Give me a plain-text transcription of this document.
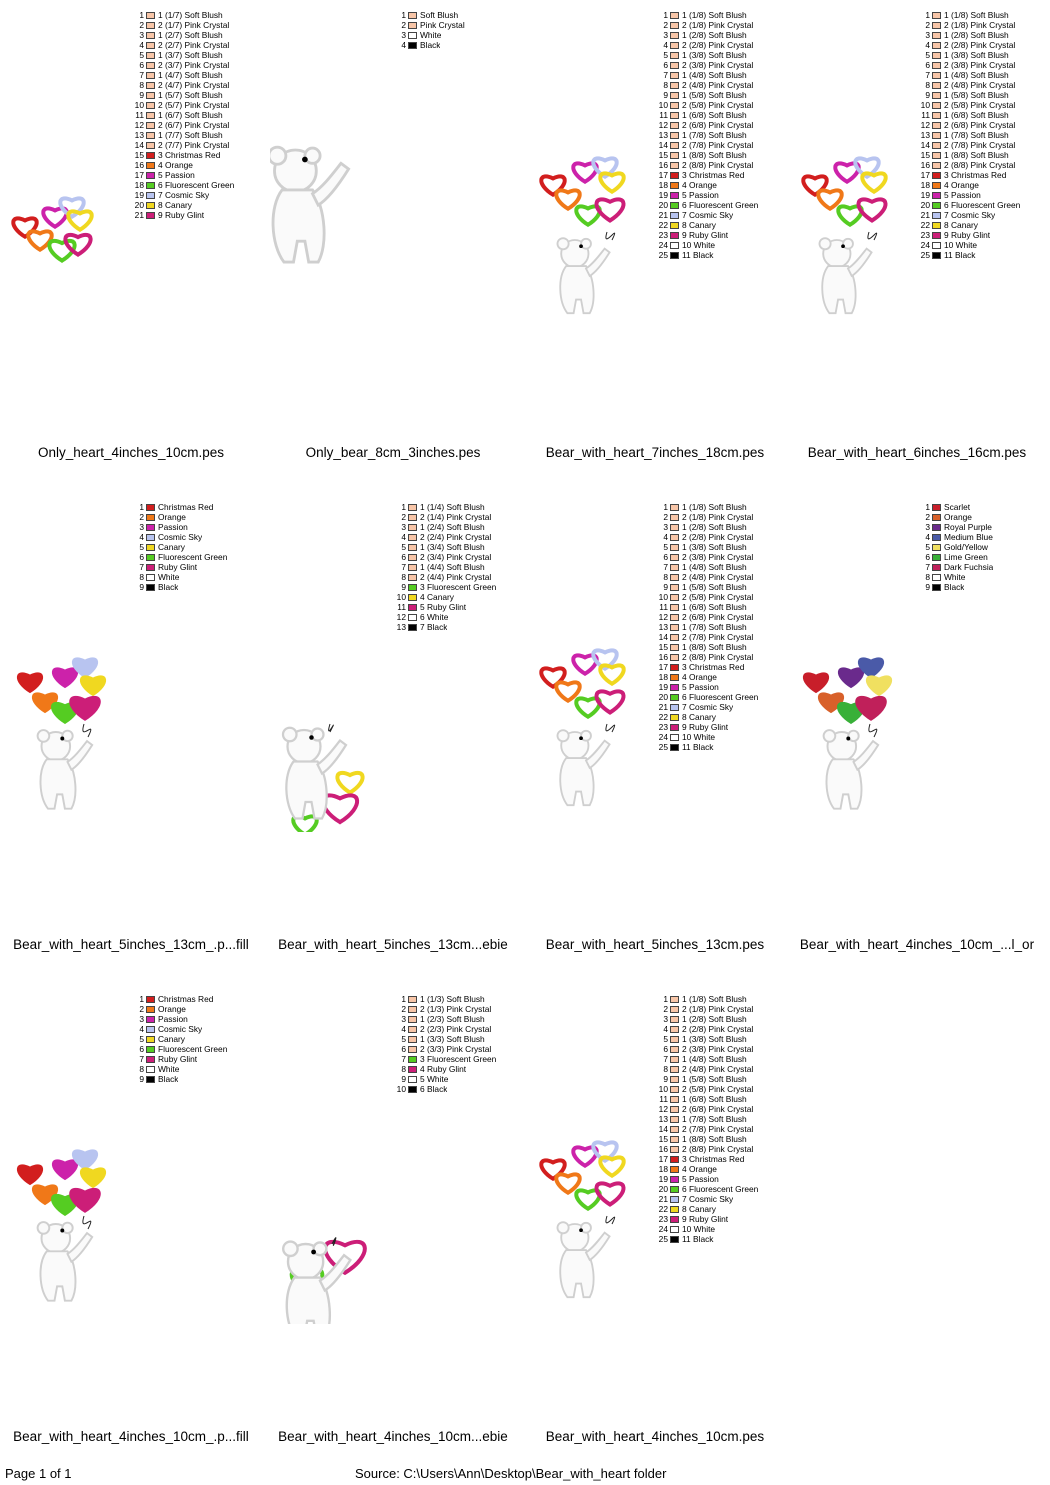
1 1 (1/7) Soft Blush
2 2 (1/7) Pink Crystal
3 1 (2/7) Soft Blush
4 2 (2/7) Pink Crystal
5 1 (3/7) Soft Blush
6 2 (3/7) Pink Crystal
7 1 (4/7) Soft Blush
8 2 (4/7) Pink Crystal
9 1 (5/7) Soft Blush
10 2 (5/7) Pink Crystal
11 1 (6/7) Soft Blush
12 2 (6/7) Pink Crystal
13 1 (7/7) Soft Blush
14 2 (7/7) Pink Crystal
15 3 Christmas Red
16 4 Orange
17 5 Passion
18 6 Fluorescent Green
19 7 Cosmic Sky
20 8 Canary
21 9 Ruby Glint
Only_heart_4inches_10cm.pes
1 Soft Blush
2 Pink Crystal
3 White
4 Black
Only_bear_8cm_3inches.pes
1 1 (1/8) Soft Blush
2 2 (1/8) Pink Crystal
3 1 (2/8) Soft Blush
4 2 (2/8) Pink Crystal
5 1 (3/8) Soft Blush
6 2 (3/8) Pink Crystal
7 1 (4/8) Soft Blush
8 2 (4/8) Pink Crystal
9 1 (5/8) Soft Blush
10 2 (5/8) Pink Crystal
11 1 (6/8) Soft Blush
12 2 (6/8) Pink Crystal
13 1 (7/8) Soft Blush
14 2 (7/8) Pink Crystal
15 1 (8/8) Soft Blush
16 2 (8/8) Pink Crystal
17 3 Christmas Red
18 4 Orange
19 5 Passion
20 6 Fluorescent Green
21 7 Cosmic Sky
22 8 Canary
23 9 Ruby Glint
24 10 White
25 11 Black
Bear_with_heart_7inches_18cm.pes
1 1 (1/8) Soft Blush
2 2 (1/8) Pink Crystal
3 1 (2/8) Soft Blush
4 2 (2/8) Pink Crystal
5 1 (3/8) Soft Blush
6 2 (3/8) Pink Crystal
7 1 (4/8) Soft Blush
8 2 (4/8) Pink Crystal
9 1 (5/8) Soft Blush
10 2 (5/8) Pink Crystal
11 1 (6/8) Soft Blush
12 2 (6/8) Pink Crystal
13 1 (7/8) Soft Blush
14 2 (7/8) Pink Crystal
15 1 (8/8) Soft Blush
16 2 (8/8) Pink Crystal
17 3 Christmas Red
18 4 Orange
19 5 Passion
20 6 Fluorescent Green
21 7 Cosmic Sky
22 8 Canary
23 9 Ruby Glint
24 10 White
25 11 Black
Bear_with_heart_6inches_16cm.pes
1 Christmas Red
2 Orange
3 Passion
4 Cosmic Sky
5 Canary
6 Fluorescent Green
7 Ruby Glint
8 White
9 Black
Bear_with_heart_5inches_13cm_.p...fill
1 1 (1/4) Soft Blush
2 2 (1/4) Pink Crystal
3 1 (2/4) Soft Blush
4 2 (2/4) Pink Crystal
5 1 (3/4) Soft Blush
6 2 (3/4) Pink Crystal
7 1 (4/4) Soft Blush
8 2 (4/4) Pink Crystal
9 3 Fluorescent Green
10 4 Canary
11 5 Ruby Glint
12 6 White
13 7 Black
Bear_with_heart_5inches_13cm...ebie
1 1 (1/8) Soft Blush
2 2 (1/8) Pink Crystal
3 1 (2/8) Soft Blush
4 2 (2/8) Pink Crystal
5 1 (3/8) Soft Blush
6 2 (3/8) Pink Crystal
7 1 (4/8) Soft Blush
8 2 (4/8) Pink Crystal
9 1 (5/8) Soft Blush
10 2 (5/8) Pink Crystal
11 1 (6/8) Soft Blush
12 2 (6/8) Pink Crystal
13 1 (7/8) Soft Blush
14 2 (7/8) Pink Crystal
15 1 (8/8) Soft Blush
16 2 (8/8) Pink Crystal
17 3 Christmas Red
18 4 Orange
19 5 Passion
20 6 Fluorescent Green
21 7 Cosmic Sky
22 8 Canary
23 9 Ruby Glint
24 10 White
25 11 Black
Bear_with_heart_5inches_13cm.pes
1 Scarlet
2 Orange
3 Royal Purple
4 Medium Blue
5 Gold/Yellow
6 Lime Green
7 Dark Fuchsia
8 White
9 Black
Bear_with_heart_4inches_10cm_...l_or
1 Christmas Red
2 Orange
3 Passion
4 Cosmic Sky
5 Canary
6 Fluorescent Green
7 Ruby Glint
8 White
9 Black
Bear_with_heart_4inches_10cm_.p...fill
1 1 (1/3) Soft Blush
2 2 (1/3) Pink Crystal
3 1 (2/3) Soft Blush
4 2 (2/3) Pink Crystal
5 1 (3/3) Soft Blush
6 2 (3/3) Pink Crystal
7 3 Fluorescent Green
8 4 Ruby Glint
9 5 White
10 6 Black
Bear_with_heart_4inches_10cm...ebie
1 1 (1/8) Soft Blush
2 2 (1/8) Pink Crystal
3 1 (2/8) Soft Blush
4 2 (2/8) Pink Crystal
5 1 (3/8) Soft Blush
6 2 (3/8) Pink Crystal
7 1 (4/8) Soft Blush
8 2 (4/8) Pink Crystal
9 1 (5/8) Soft Blush
10 2 (5/8) Pink Crystal
11 1 (6/8) Soft Blush
12 2 (6/8) Pink Crystal
13 1 (7/8) Soft Blush
14 2 (7/8) Pink Crystal
15 1 (8/8) Soft Blush
16 2 (8/8) Pink Crystal
17 3 Christmas Red
18 4 Orange
19 5 Passion
20 6 Fluorescent Green
21 7 Cosmic Sky
22 8 Canary
23 9 Ruby Glint
24 10 White
25 11 Black
Bear_with_heart_4inches_10cm.pes
Page 1 of 1	Source: C:\Users\Ann\Desktop\Bear_with_heart folder
